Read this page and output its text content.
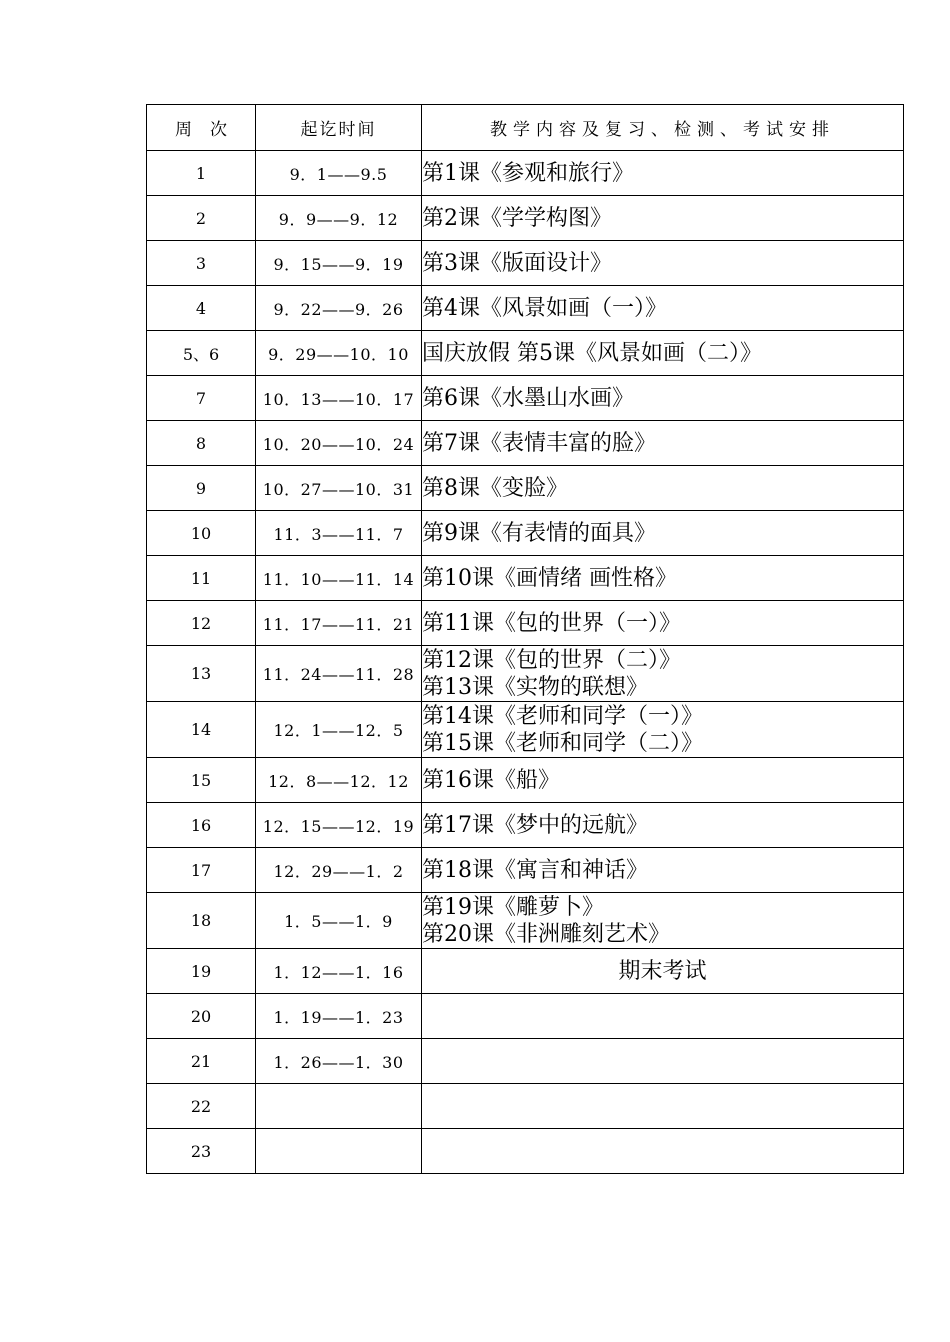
周次	起讫时间	教学内容及复习、检测、考试安排
1	9．1——9.5	第1课《参观和旅行》

2	9．9——9．12	第2课《学学构图》

3	9．15——9．19	第3课《版面设计》

4	9．22——9．26	第4课《风景如画（一）》

5、6	9．29——10．10	国庆放假 第5课《风景如画（二）》

7	10．13——10．17	第6课《水墨山水画》

8	10．20——10．24	第7课《表情丰富的脸》

9	10．27——10．31	第8课《变脸》

10	11．3——11．7	第9课《有表情的面具》

11	11．10——11．14	第10课《画情绪 画性格》

12	11．17——11．21	第11课《包的世界（一）》

13	11．24——11．28	第12课《包的世界（二）》
第13课《实物的联想》

14	12．1——12．5	第14课《老师和同学（一）》
第15课《老师和同学（二）》

15	12．8——12．12	第16课《船》

16	12．15——12．19	第17课《梦中的远航》

17	12．29——1．2	第18课《寓言和神话》

18	1．5——1．9	第19课《雕萝卜》
第20课《非洲雕刻艺术》

19	1．12——1．16	期末考试

20	1．19——1．23	
21	1．26——1．30	
22		
23		
